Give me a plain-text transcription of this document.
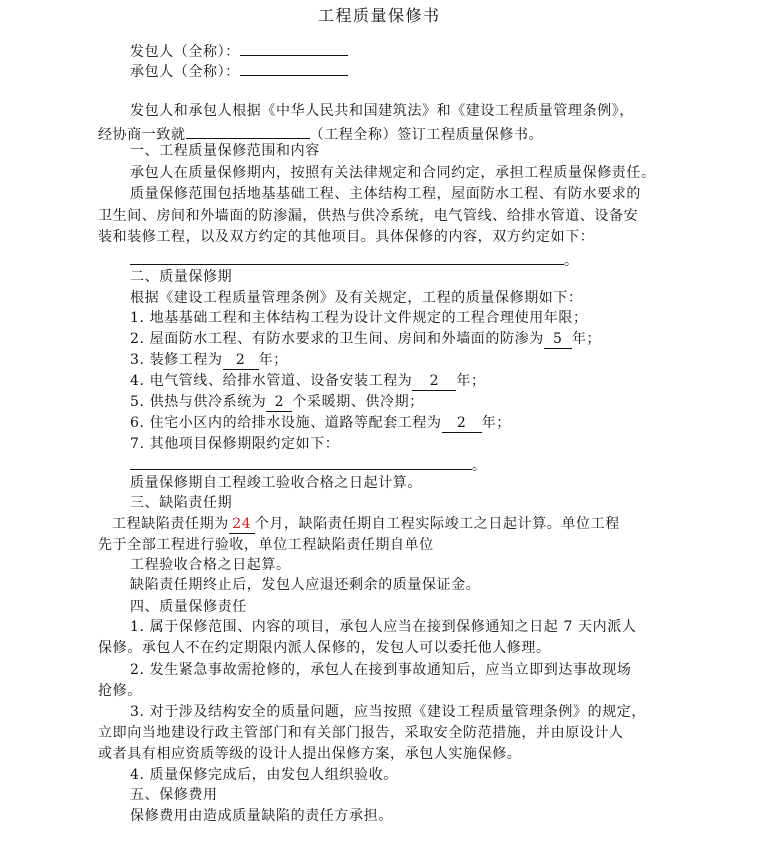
工程质量保修书
发包人（全称）：
承包人（全称）：
发包人和承包人根据《中华人民共和国建筑法》和《建设工程质量管理条例》，
经协商一致就	（工程全称）签订工程质量保修书。
一、工程质量保修范围和内容
承包人在质量保修期内，按照有关法律规定和合同约定，承担工程质量保修责任。
质量保修范围包括地基基础工程、主体结构工程，屋面防水工程、有防水要求的
卫生间、房间和外墙面的防渗漏，供热与供冷系统，电气管线、给排水管道、设备安
装和装修工程，以及双方约定的其他项目。具体保修的内容，双方约定如下：
。
二、质量保修期
根据《建设工程质量管理条例》及有关规定，工程的质量保修期如下：
1. 地基基础工程和主体结构工程为设计文件规定的工程合理使用年限；
2. 屋面防水工程、有防水要求的卫生间、房间和外墙面的防渗为 5 年；
3. 装修工程为 2 年；
4. 电气管线、给排水管道、设备安装工程为 2 年；
5. 供热与供冷系统为 2 个采暖期、供冷期；
6. 住宅小区内的给排水设施、道路等配套工程为 2 年；
7. 其他项目保修期限约定如下：
。
质量保修期自工程竣工验收合格之日起计算。
三、缺陷责任期
工程缺陷责任期为 24 个月，缺陷责任期自工程实际竣工之日起计算。单位工程
先于全部工程进行验收，单位工程缺陷责任期自单位
工程验收合格之日起算。
缺陷责任期终止后，发包人应退还剩余的质量保证金。
四、质量保修责任
1. 属于保修范围、内容的项目，承包人应当在接到保修通知之日起 7 天内派人
保修。承包人不在约定期限内派人保修的，发包人可以委托他人修理。
2. 发生紧急事故需抢修的，承包人在接到事故通知后，应当立即到达事故现场
抢修。
3. 对于涉及结构安全的质量问题，应当按照《建设工程质量管理条例》的规定，
立即向当地建设行政主管部门和有关部门报告，采取安全防范措施，并由原设计人
或者具有相应资质等级的设计人提出保修方案，承包人实施保修。
4. 质量保修完成后，由发包人组织验收。
五、保修费用
保修费用由造成质量缺陷的责任方承担。
